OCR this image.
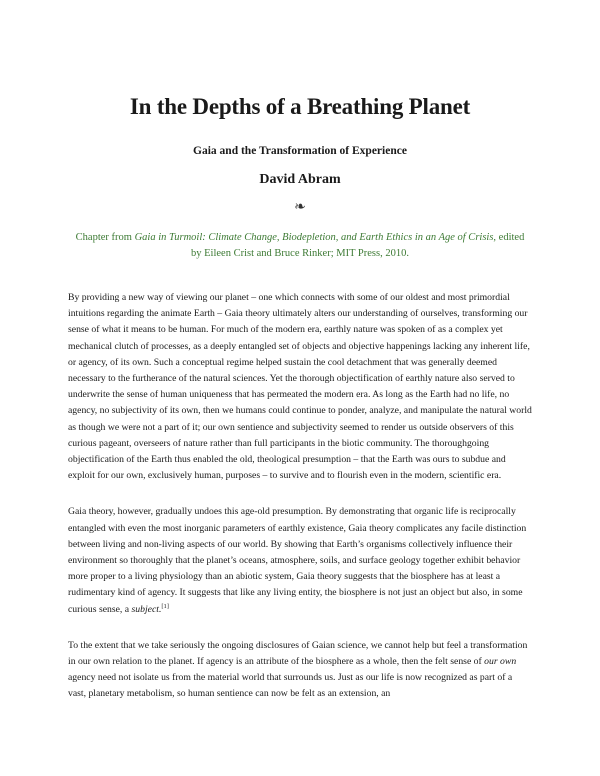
In the Depths of a Breathing Planet
Gaia and the Transformation of Experience
David Abram
❧

Chapter from Gaia in Turmoil: Climate Change, Biodepletion, and Earth Ethics in an Age of Crisis, edited by Eileen Crist and Bruce Rinker; MIT Press, 2010.

By providing a new way of viewing our planet – one which connects with some of our oldest and most primordial intuitions regarding the animate Earth – Gaia theory ultimately alters our understanding of ourselves, transforming our sense of what it means to be human. For much of the modern era, earthly nature was spoken of as a complex yet mechanical clutch of processes, as a deeply entangled set of objects and objective happenings lacking any inherent life, or agency, of its own. Such a conceptual regime helped sustain the cool detachment that was generally deemed necessary to the furtherance of the natural sciences. Yet the thorough objectification of earthly nature also served to underwrite the sense of human uniqueness that has permeated the modern era. As long as the Earth had no life, no agency, no subjectivity of its own, then we humans could continue to ponder, analyze, and manipulate the natural world as though we were not a part of it; our own sentience and subjectivity seemed to render us outside observers of this curious pageant, overseers of nature rather than full participants in the biotic community. The thoroughgoing objectification of the Earth thus enabled the old, theological presumption – that the Earth was ours to subdue and exploit for our own, exclusively human, purposes – to survive and to flourish even in the modern, scientific era.

Gaia theory, however, gradually undoes this age-old presumption. By demonstrating that organic life is reciprocally entangled with even the most inorganic parameters of earthly existence, Gaia theory complicates any facile distinction between living and non-living aspects of our world. By showing that Earth’s organisms collectively influence their environment so thoroughly that the planet’s oceans, atmosphere, soils, and surface geology together exhibit behavior more proper to a living physiology than an abiotic system, Gaia theory suggests that the biosphere has at least a rudimentary kind of agency. It suggests that like any living entity, the biosphere is not just an object but also, in some curious sense, a subject.[1]

To the extent that we take seriously the ongoing disclosures of Gaian science, we cannot help but feel a transformation in our own relation to the planet. If agency is an attribute of the biosphere as a whole, then the felt sense of our own agency need not isolate us from the material world that surrounds us. Just as our life is now recognized as part of a vast, planetary metabolism, so human sentience can now be felt as an extension, an
